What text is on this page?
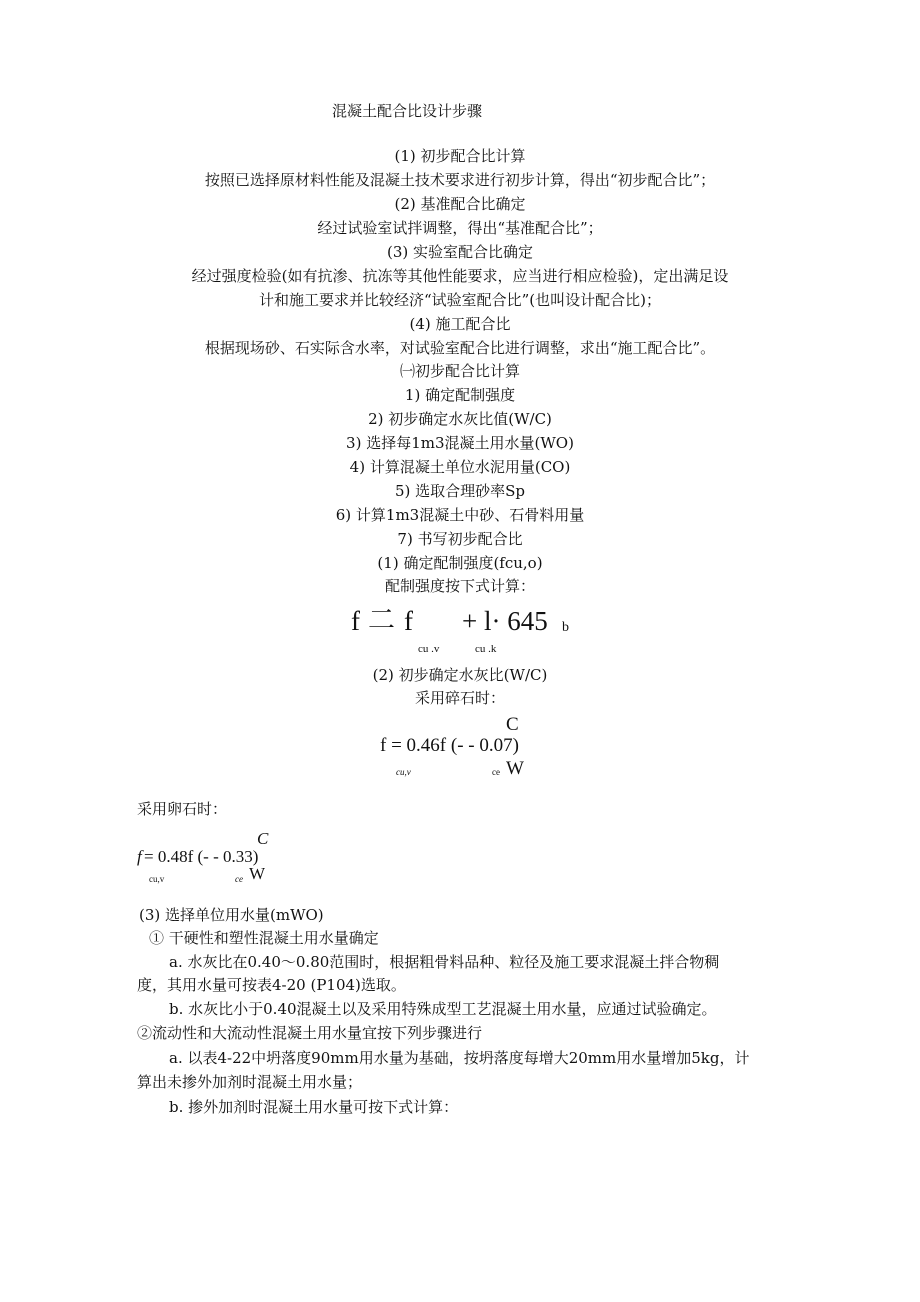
混凝土配合比设计步骤
(1) 初步配合比计算
按照已选择原材料性能及混凝土技术要求进行初步计算，得出“初步配合比”；
(2) 基准配合比确定
经过试验室试拌调整，得出“基准配合比”；
(3) 实验室配合比确定
经过强度检验(如有抗渗、抗冻等其他性能要求，应当进行相应检验)，定出满足设
计和施工要求并比较经济“试验室配合比”(也叫设计配合比)；
(4) 施工配合比
根据现场砂、石实际含水率，对试验室配合比进行调整，求出“施工配合比”。
㈠初步配合比计算
1) 确定配制强度
2) 初步确定水灰比值(W/C)
3) 选择每1m3混凝土用水量(WO)
4) 计算混凝土单位水泥用量(CO)
5) 选取合理砂率Sp
6) 计算1m3混凝土中砂、石骨料用量
7) 书写初步配合比
(1) 确定配制强度(fcu,o)
配制强度按下式计算：
f 二 f + l· 645 b
cu .v	cu .k
(2) 初步确定水灰比(W/C)
采用碎石时：
C
f = 0.46f (- - 0.07)
cu,v	ce W
采用卵石时：
C
f = 0.48f (- - 0.33)
cu,v	ce W
(3) 选择单位用水量(mWO)
① 干硬性和塑性混凝土用水量确定
a. 水灰比在0.40〜0.80范围时，根据粗骨料品种、粒径及施工要求混凝土拌合物稠
度，其用水量可按表4-20 (P104)选取。
b. 水灰比小于0.40混凝土以及采用特殊成型工艺混凝土用水量，应通过试验确定。
②流动性和大流动性混凝土用水量宜按下列步骤进行
a. 以表4-22中坍落度90mm用水量为基础，按坍落度每增大20mm用水量增加5kg，计
算出未掺外加剂时混凝土用水量；
b. 掺外加剂时混凝土用水量可按下式计算：
